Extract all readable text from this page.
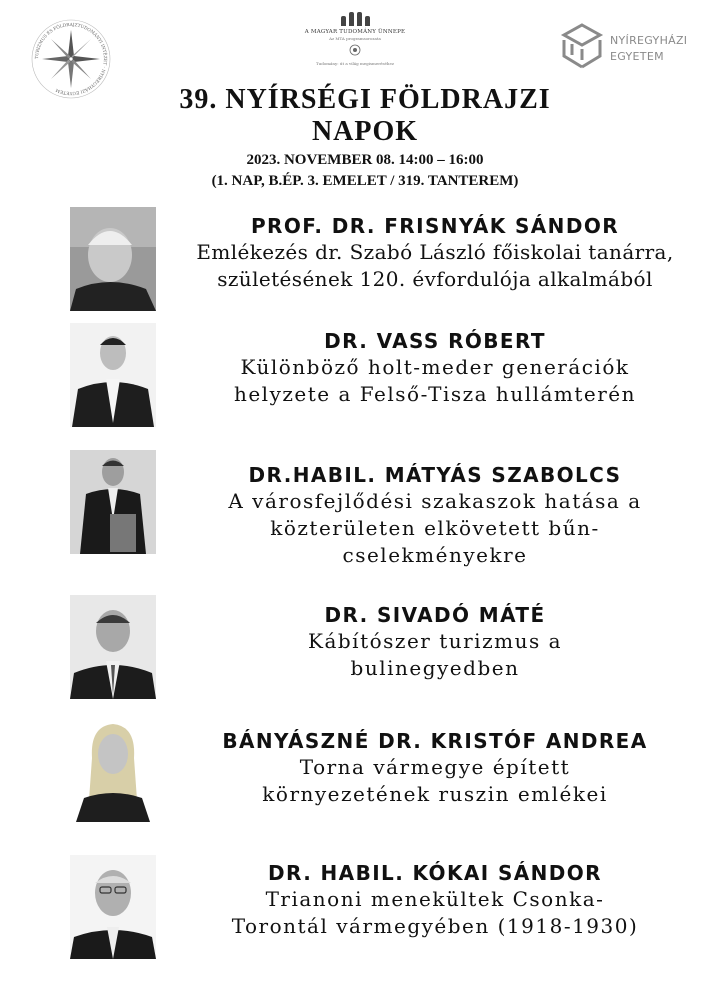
TURIZMUS ÉS FÖLDRAJZTUDOMÁNYI INTÉZET · NYÍREGYHÁZI EGYETEM
A MAGYAR TUDOMÁNY ÜNNEPE
Az MTA programsorozata
Tudomány: út a világ megismeréséhez
NYÍREGYHÁZI
EGYETEM
39. NYÍRSÉGI FÖLDRAJZI
NAPOK
2023. NOVEMBER 08. 14:00 – 16:00
(1. NAP, B.ÉP. 3. EMELET / 319. TANTEREM)
PROF. DR. FRISNYÁK SÁNDOR
Emlékezés dr. Szabó László főiskolai tanárra,
születésének 120. évfordulója alkalmából
DR. VASS RÓBERT
Különböző holt-meder generációk
helyzete a Felső-Tisza hullámterén
DR.HABIL. MÁTYÁS SZABOLCS
A városfejlődési szakaszok hatása a
közterületen elkövetett bűn-
cselekményekre
DR. SIVADÓ MÁTÉ
Kábítószer turizmus a
bulinegyedben
BÁNYÁSZNÉ DR. KRISTÓF ANDREA
Torna vármegye épített
környezetének ruszin emlékei
DR. HABIL. KÓKAI SÁNDOR
Trianoni menekültek Csonka-
Torontál vármegyében (1918-1930)
